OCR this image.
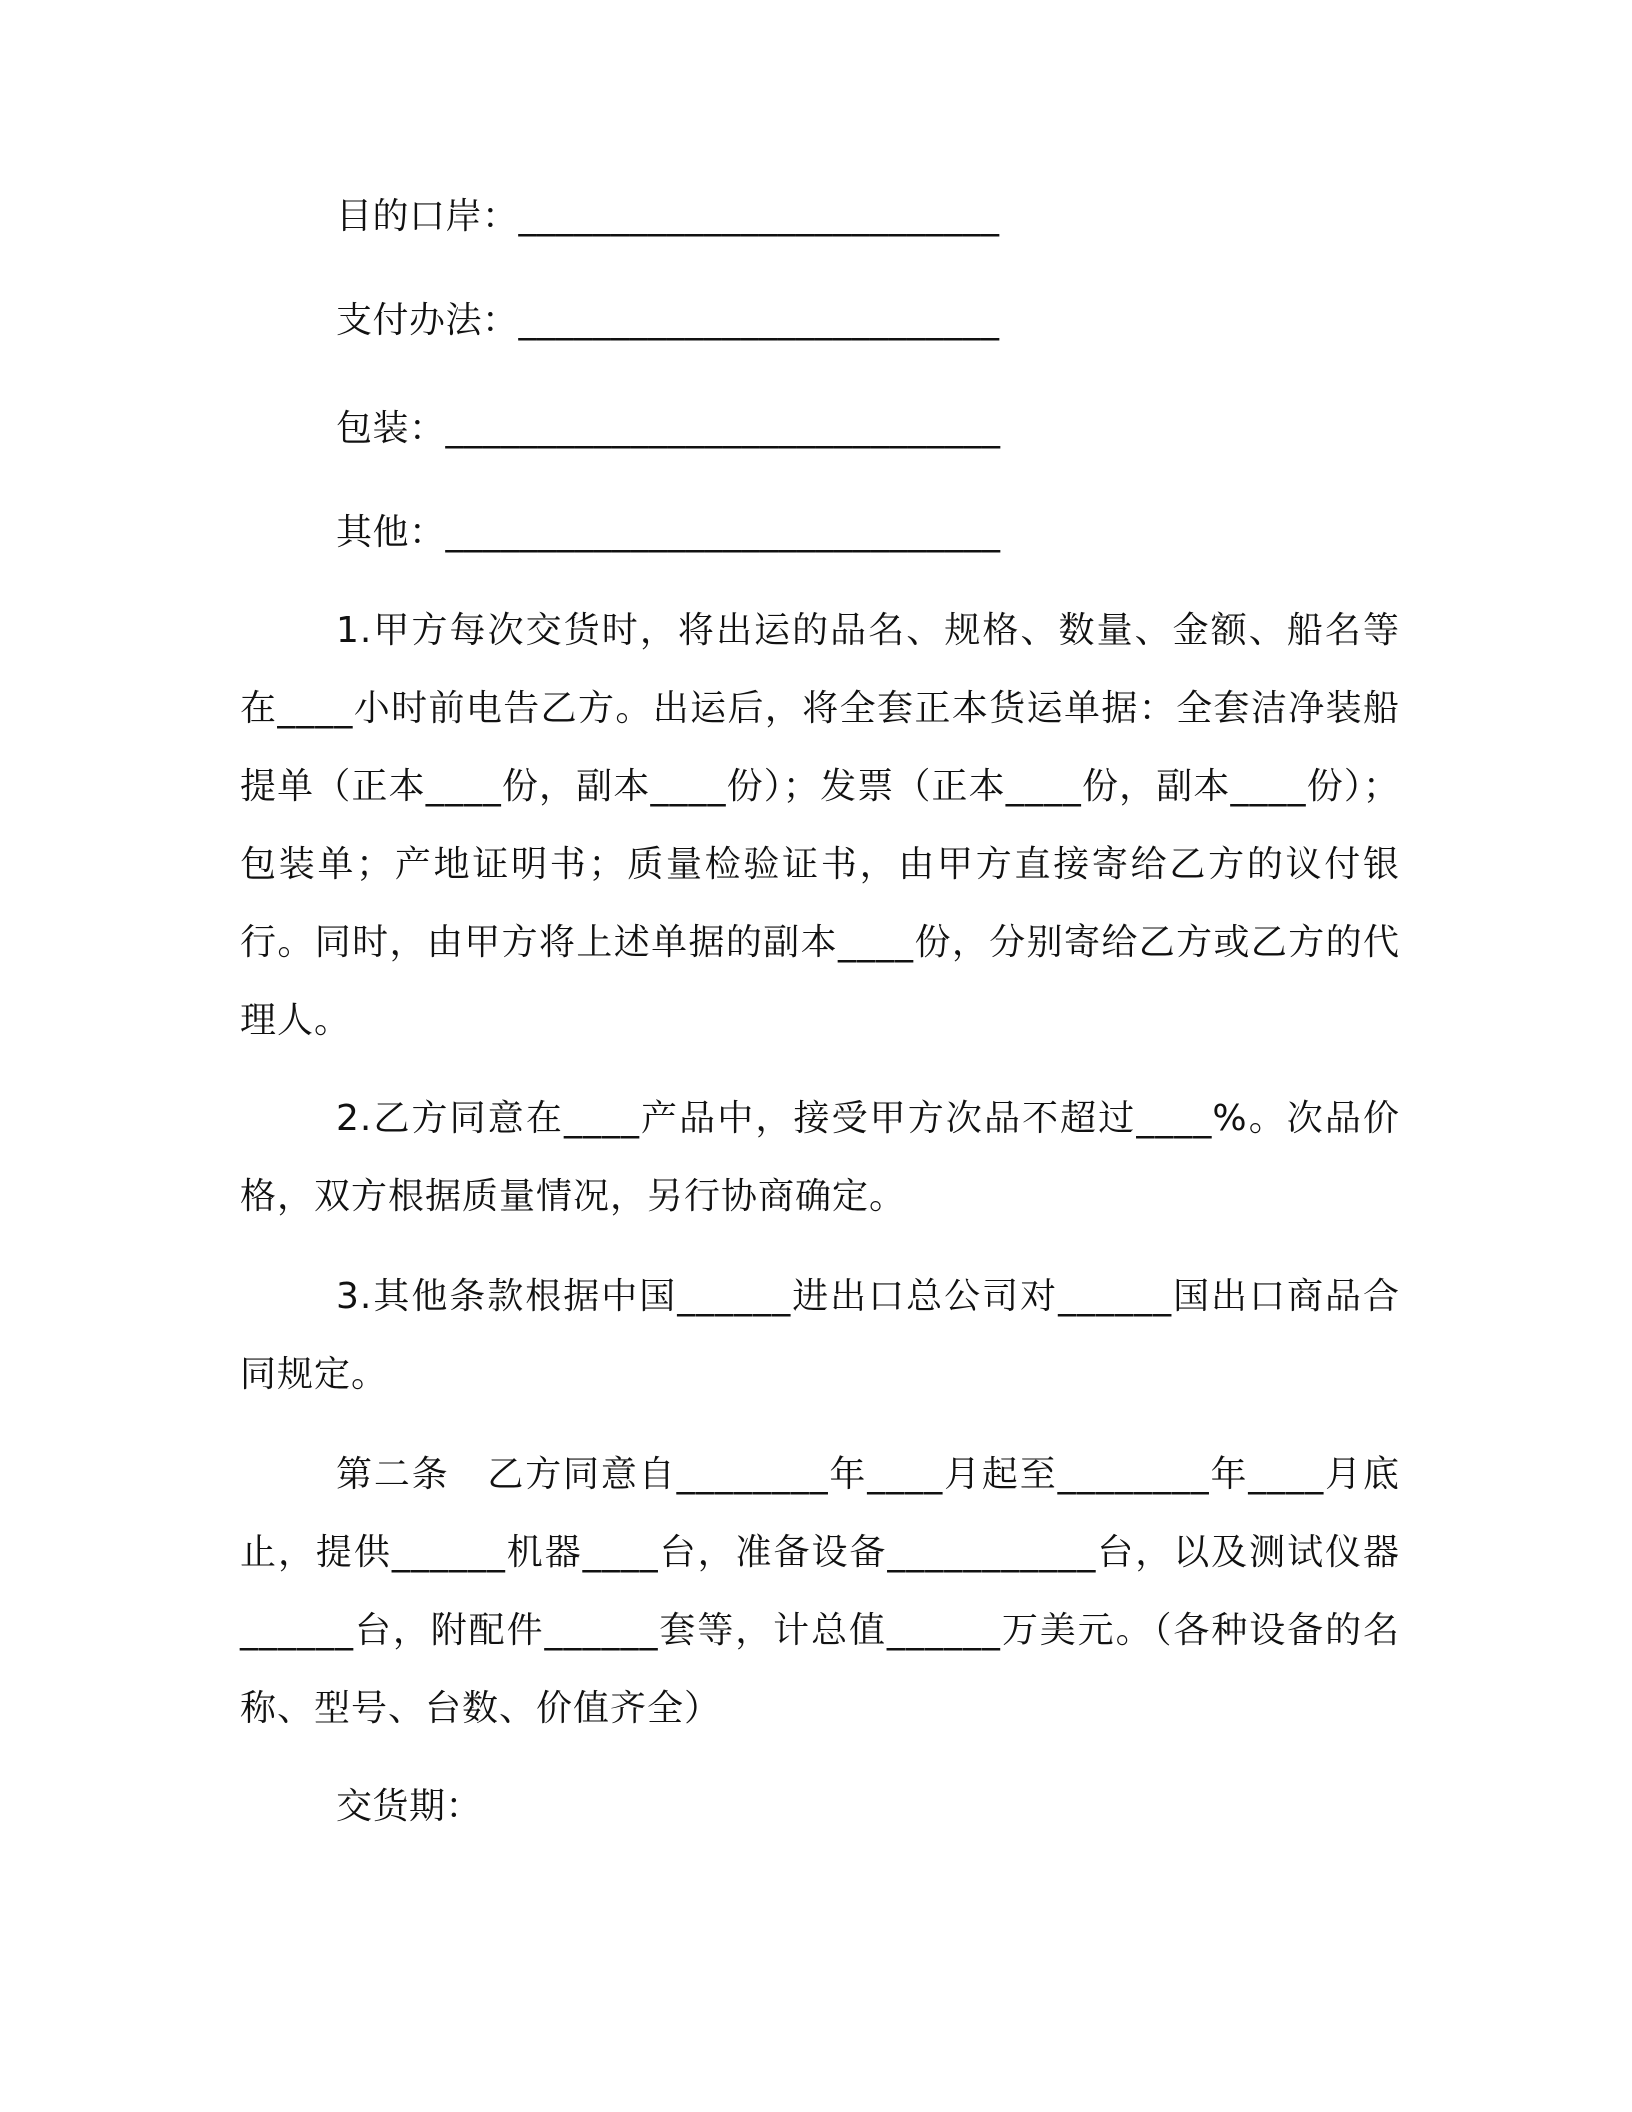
目的口岸：__________________________
支付办法：__________________________
包装：______________________________
其他：______________________________
1.甲方每次交货时，将出运的品名、规格、数量、金额、船名等在____小时前电告乙方。出运后，将全套正本货运单据：全套洁净装船提单（正本____份，副本____份）；发票（正本____份，副本____份）；包装单；产地证明书；质量检验证书，由甲方直接寄给乙方的议付银行。同时，由甲方将上述单据的副本____份，分别寄给乙方或乙方的代理人。
2.乙方同意在____产品中，接受甲方次品不超过____%。次品价格，双方根据质量情况，另行协商确定。
3.其他条款根据中国______进出口总公司对______国出口商品合同规定。
第二条　乙方同意自________年____月起至________年____月底止，提供______机器____台，准备设备___________台，以及测试仪器______台，附配件______套等，计总值______万美元。（各种设备的名称、型号、台数、价值齐全）
交货期：
